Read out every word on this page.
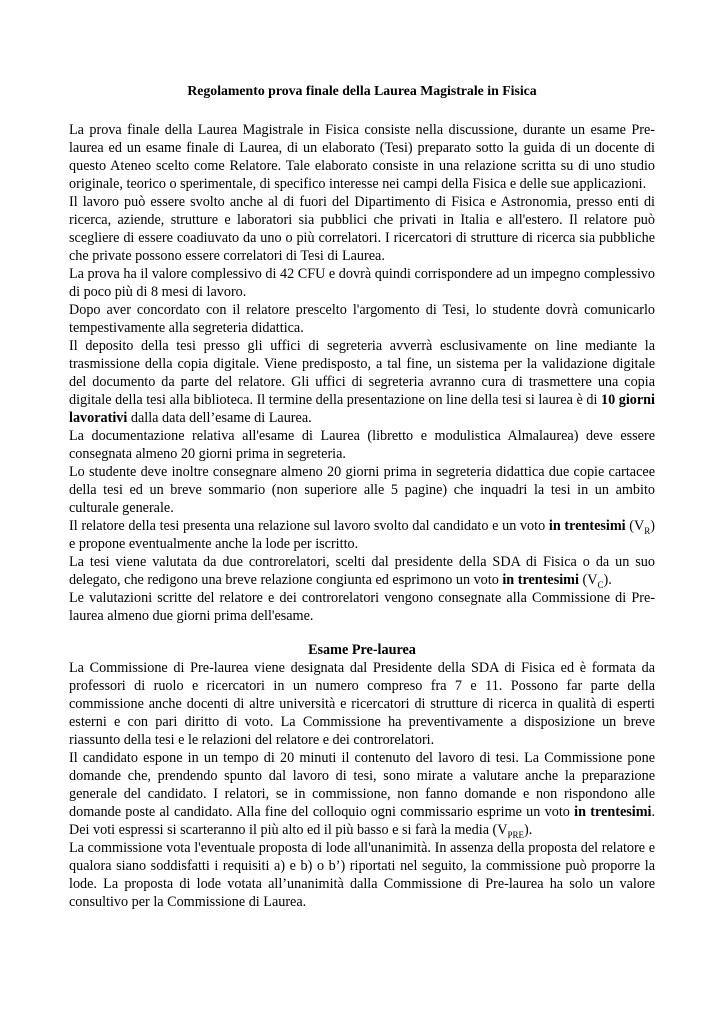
Regolamento prova finale della Laurea Magistrale in Fisica

La prova finale della Laurea Magistrale in Fisica consiste nella discussione, durante un esame Pre-laurea ed un esame finale di Laurea, di un elaborato (Tesi) preparato sotto la guida di un docente di questo Ateneo scelto come Relatore. Tale elaborato consiste in una relazione scritta su di uno studio originale, teorico o sperimentale, di specifico interesse nei campi della Fisica e delle sue applicazioni.

Il lavoro può essere svolto anche al di fuori del Dipartimento di Fisica e Astronomia, presso enti di ricerca, aziende, strutture e laboratori sia pubblici che privati in Italia e all'estero. Il relatore può scegliere di essere coadiuvato da uno o più correlatori. I ricercatori di strutture di ricerca sia pubbliche che private possono essere correlatori di Tesi di Laurea.

La prova ha il valore complessivo di 42 CFU e dovrà quindi corrispondere ad un impegno complessivo di poco più di 8 mesi di lavoro.

Dopo aver concordato con il relatore prescelto l'argomento di Tesi, lo studente dovrà comunicarlo tempestivamente alla segreteria didattica.

Il deposito della tesi presso gli uffici di segreteria avverrà esclusivamente on line mediante la trasmissione della copia digitale. Viene predisposto, a tal fine, un sistema per la validazione digitale del documento da parte del relatore. Gli uffici di segreteria avranno cura di trasmettere una copia digitale della tesi alla biblioteca. Il termine della presentazione on line della tesi si laurea è di 10 giorni lavorativi dalla data dell’esame di Laurea.

La documentazione relativa all'esame di Laurea (libretto e modulistica Almalaurea) deve essere consegnata almeno 20 giorni prima in segreteria.

Lo studente deve inoltre consegnare almeno 20 giorni prima in segreteria didattica due copie cartacee della tesi ed un breve sommario (non superiore alle 5 pagine) che inquadri la tesi in un ambito culturale generale.

Il relatore della tesi presenta una relazione sul lavoro svolto dal candidato e un voto in trentesimi $(V_R)$ e propone eventualmente anche la lode per iscritto.

La tesi viene valutata da due controrelatori, scelti dal presidente della SDA di Fisica o da un suo delegato, che redigono una breve relazione congiunta ed esprimono un voto in trentesimi $(V_C)$.

Le valutazioni scritte del relatore e dei controrelatori vengono consegnate alla Commissione di Pre-laurea almeno due giorni prima dell'esame.

Esame Pre-laurea

La Commissione di Pre-laurea viene designata dal Presidente della SDA di Fisica ed è formata da professori di ruolo e ricercatori in un numero compreso fra 7 e 11. Possono far parte della commissione anche docenti di altre università e ricercatori di strutture di ricerca in qualità di esperti esterni e con pari diritto di voto. La Commissione ha preventivamente a disposizione un breve riassunto della tesi e le relazioni del relatore e dei controrelatori.

Il candidato espone in un tempo di 20 minuti il contenuto del lavoro di tesi. La Commissione pone domande che, prendendo spunto dal lavoro di tesi, sono mirate a valutare anche la preparazione generale del candidato. I relatori, se in commissione, non fanno domande e non rispondono alle domande poste al candidato. Alla fine del colloquio ogni commissario esprime un voto in trentesimi. Dei voti espressi si scarteranno il più alto ed il più basso e si farà la media $(V_{PRE})$.

La commissione vota l'eventuale proposta di lode all'unanimità. In assenza della proposta del relatore e qualora siano soddisfatti i requisiti a) e b) o b’) riportati nel seguito, la commissione può proporre la lode. La proposta di lode votata all’unanimità dalla Commissione di Pre-laurea ha solo un valore consultivo per la Commissione di Laurea.
